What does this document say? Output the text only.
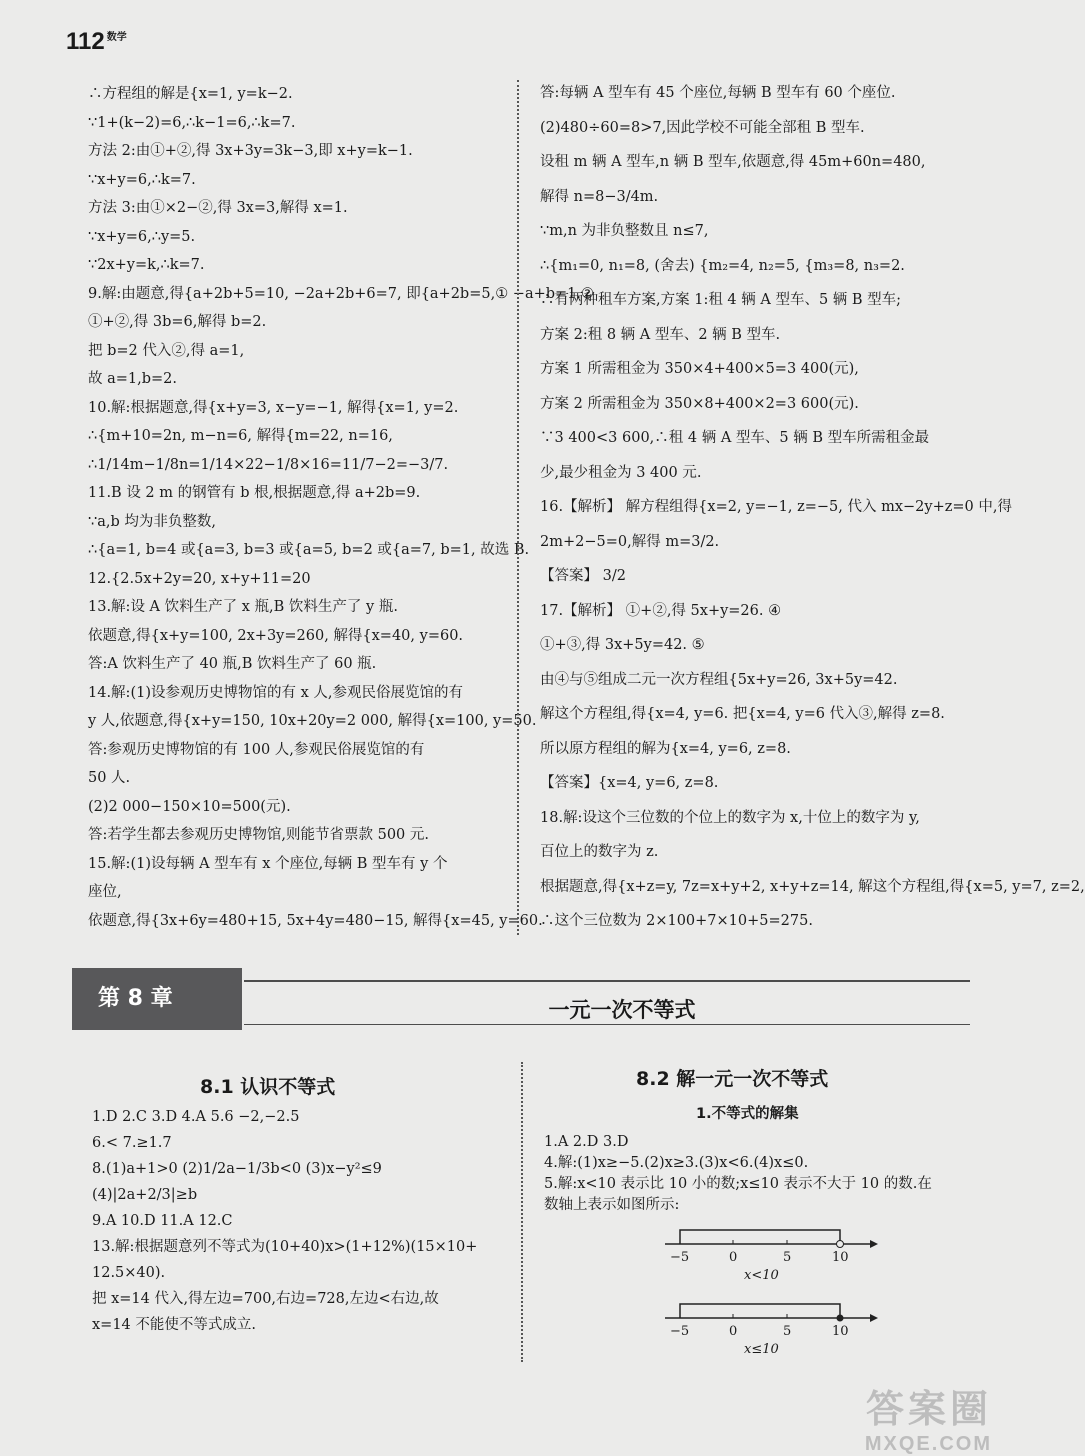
112 $^{数学}$
∴方程组的解是{x=1, y=k−2.
∵1+(k−2)=6,∴k−1=6,∴k=7.
方法 2:由①+②,得 3x+3y=3k−3,即 x+y=k−1.
∵x+y=6,∴k=7.
方法 3:由①×2−②,得 3x=3,解得 x=1.
∵x+y=6,∴y=5.
∵2x+y=k,∴k=7.
9.解:由题意,得{a+2b+5=10, −2a+2b+6=7, 即{a+2b=5,① −a+b=1.②
①+②,得 3b=6,解得 b=2.
把 b=2 代入②,得 a=1,
故 a=1,b=2.
10.解:根据题意,得{x+y=3, x−y=−1, 解得{x=1, y=2.
∴{m+10=2n, m−n=6, 解得{m=22, n=16,
∴1/14m−1/8n=1/14×22−1/8×16=11/7−2=−3/7.
11.B 设 2 m 的钢管有 b 根,根据题意,得 a+2b=9.
∵a,b 均为非负整数,
∴{a=1, b=4 或{a=3, b=3 或{a=5, b=2 或{a=7, b=1, 故选 B.
12.{2.5x+2y=20, x+y+11=20
13.解:设 A 饮料生产了 x 瓶,B 饮料生产了 y 瓶.
依题意,得{x+y=100, 2x+3y=260, 解得{x=40, y=60.
答:A 饮料生产了 40 瓶,B 饮料生产了 60 瓶.
14.解:(1)设参观历史博物馆的有 x 人,参观民俗展览馆的有
y 人,依题意,得{x+y=150, 10x+20y=2 000, 解得{x=100, y=50.
答:参观历史博物馆的有 100 人,参观民俗展览馆的有
50 人.
(2)2 000−150×10=500(元).
答:若学生都去参观历史博物馆,则能节省票款 500 元.
15.解:(1)设每辆 A 型车有 x 个座位,每辆 B 型车有 y 个
座位,
依题意,得{3x+6y=480+15, 5x+4y=480−15, 解得{x=45, y=60.
答:每辆 A 型车有 45 个座位,每辆 B 型车有 60 个座位.
(2)480÷60=8>7,因此学校不可能全部租 B 型车.
设租 m 辆 A 型车,n 辆 B 型车,依题意,得 45m+60n=480,
解得 n=8−3/4m.
∵m,n 为非负整数且 n≤7,
∴{m₁=0, n₁=8, (舍去) {m₂=4, n₂=5, {m₃=8, n₃=2.
∴有两种租车方案,方案 1:租 4 辆 A 型车、5 辆 B 型车;
方案 2:租 8 辆 A 型车、2 辆 B 型车.
方案 1 所需租金为 350×4+400×5=3 400(元),
方案 2 所需租金为 350×8+400×2=3 600(元).
∵3 400<3 600,∴租 4 辆 A 型车、5 辆 B 型车所需租金最
少,最少租金为 3 400 元.
16.【解析】 解方程组得{x=2, y=−1, z=−5, 代入 mx−2y+z=0 中,得
2m+2−5=0,解得 m=3/2.
【答案】 3/2
17.【解析】 ①+②,得 5x+y=26. ④
①+③,得 3x+5y=42. ⑤
由④与⑤组成二元一次方程组{5x+y=26, 3x+5y=42.
解这个方程组,得{x=4, y=6. 把{x=4, y=6 代入③,解得 z=8.
所以原方程组的解为{x=4, y=6, z=8.
【答案】{x=4, y=6, z=8.
18.解:设这个三位数的个位上的数字为 x,十位上的数字为 y,
百位上的数字为 z.
根据题意,得{x+z=y, 7z=x+y+2, x+y+z=14, 解这个方程组,得{x=5, y=7, z=2,
∴这个三位数为 2×100+7×10+5=275.
第 8 章	一元一次不等式
8.1 认识不等式
1.D 2.C 3.D 4.A 5.6 −2,−2.5
6.< 7.≥1.7
8.(1)a+1>0 (2)1/2a−1/3b<0 (3)x−y²≤9
(4)|2a+2/3|≥b
9.A 10.D 11.A 12.C
13.解:根据题意列不等式为(10+40)x>(1+12%)(15×10+
12.5×40).
把 x=14 代入,得左边=700,右边=728,左边<右边,故
x=14 不能使不等式成立.
8.2 解一元一次不等式
1.不等式的解集
1.A 2.D 3.D
4.解:(1)x≥−5.(2)x≥3.(3)x<6.(4)x≤0.
5.解:x<10 表示比 10 小的数;x≤10 表示不大于 10 的数.在
数轴上表示如图所示:
−5	0	5	10
x<10
−5	0	5	10
x≤10
答案圈
MXQE.COM
